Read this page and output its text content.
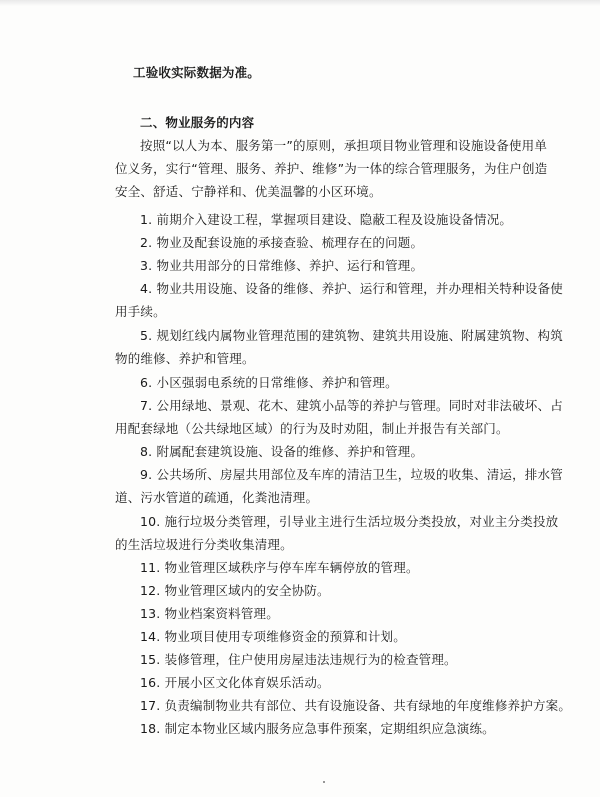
工验收实际数据为准。
二、物业服务的内容
按照“以人为本、服务第一”的原则，承担项目物业管理和设施设备使用单
位义务，实行“管理、服务、养护、维修”为一体的综合管理服务，为住户创造
安全、舒适、宁静祥和、优美温馨的小区环境。
1. 前期介入建设工程，掌握项目建设、隐蔽工程及设施设备情况。
2. 物业及配套设施的承接查验、梳理存在的问题。
3. 物业共用部分的日常维修、养护、运行和管理。
4. 物业共用设施、设备的维修、养护、运行和管理，并办理相关特种设备使
用手续。
5. 规划红线内属物业管理范围的建筑物、建筑共用设施、附属建筑物、构筑
物的维修、养护和管理。
6. 小区强弱电系统的日常维修、养护和管理。
7. 公用绿地、景观、花木、建筑小品等的养护与管理。同时对非法破坏、占
用配套绿地（公共绿地区域）的行为及时劝阻，制止并报告有关部门。
8. 附属配套建筑设施、设备的维修、养护和管理。
9. 公共场所、房屋共用部位及车库的清洁卫生，垃圾的收集、清运，排水管
道、污水管道的疏通，化粪池清理。
10. 施行垃圾分类管理，引导业主进行生活垃圾分类投放，对业主分类投放
的生活垃圾进行分类收集清理。
11. 物业管理区域秩序与停车库车辆停放的管理。
12. 物业管理区域内的安全协防。
13. 物业档案资料管理。
14. 物业项目使用专项维修资金的预算和计划。
15. 装修管理，住户使用房屋违法违规行为的检查管理。
16. 开展小区文化体育娱乐活动。
17. 负责编制物业共有部位、共有设施设备、共有绿地的年度维修养护方案。
18. 制定本物业区域内服务应急事件预案，定期组织应急演练。
